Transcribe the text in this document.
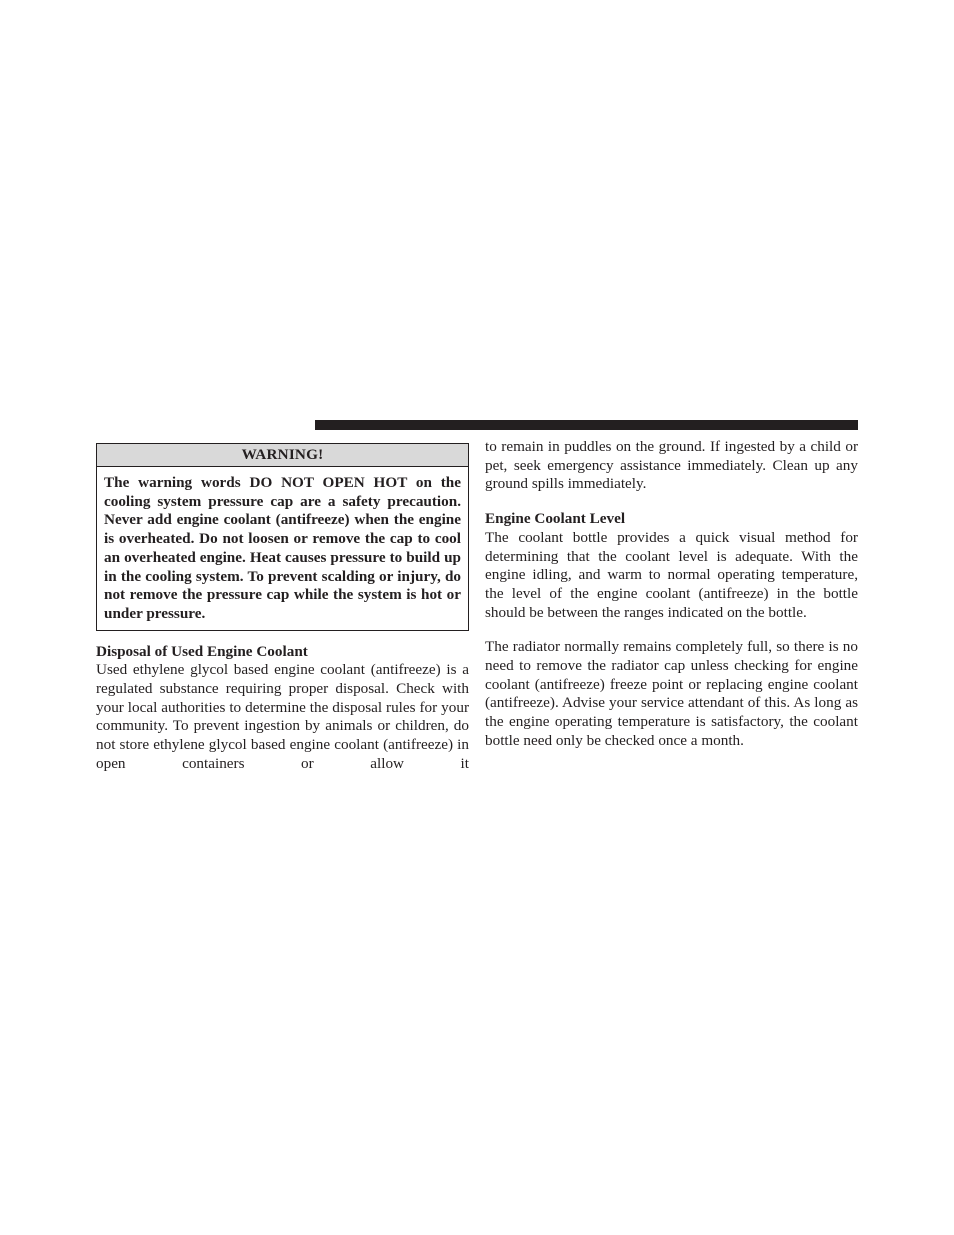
WARNING!
The warning words DO NOT OPEN HOT on the cooling system pressure cap are a safety precaution. Never add engine coolant (antifreeze) when the engine is overheated. Do not loosen or remove the cap to cool an overheated engine. Heat causes pressure to build up in the cooling system. To prevent scalding or injury, do not remove the pressure cap while the system is hot or under pressure.

Disposal of Used Engine Coolant

Used ethylene glycol based engine coolant (antifreeze) is a regulated substance requiring proper disposal. Check with your local authorities to determine the disposal rules for your community. To prevent ingestion by animals or children, do not store ethylene glycol based engine coolant (antifreeze) in open containers or allow it

to remain in puddles on the ground. If ingested by a child or pet, seek emergency assistance immediately. Clean up any ground spills immediately.

Engine Coolant Level

The coolant bottle provides a quick visual method for determining that the coolant level is adequate. With the engine idling, and warm to normal operating temperature, the level of the engine coolant (antifreeze) in the bottle should be between the ranges indicated on the bottle.

The radiator normally remains completely full, so there is no need to remove the radiator cap unless checking for engine coolant (antifreeze) freeze point or replacing engine coolant (antifreeze). Advise your service attendant of this. As long as the engine operating temperature is satisfactory, the coolant bottle need only be checked once a month.
